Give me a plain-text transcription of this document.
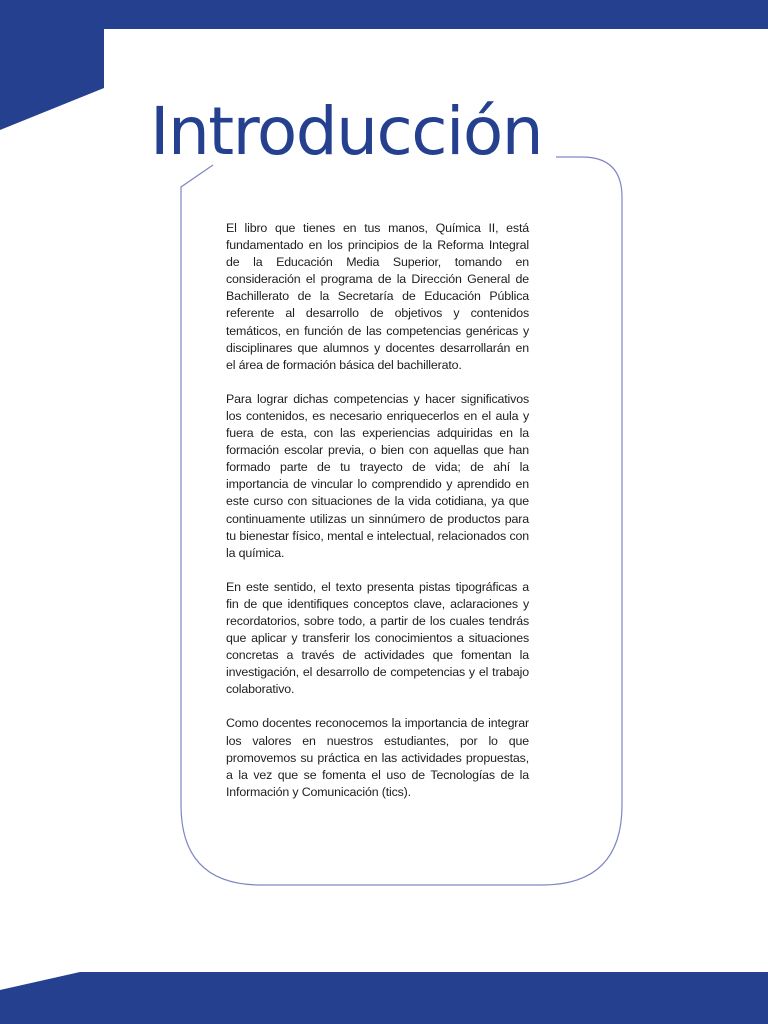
Introducción

El libro que tienes en tus manos, Química II, está fundamentado en los principios de la Reforma Integral de la Educación Media Superior, tomando en consideración el programa de la Dirección General de Bachillerato de la Secretaría de Educación Pública referente al desarrollo de objetivos y contenidos temáticos, en función de las competencias genéricas y disciplinares que alumnos y docentes desarrollarán en el área de formación básica del bachillerato.

Para lograr dichas competencias y hacer significativos los contenidos, es necesario enriquecerlos en el aula y fuera de esta, con las experiencias adquiridas en la formación escolar previa, o bien con aquellas que han formado parte de tu trayecto de vida; de ahí la importancia de vincular lo comprendido y aprendido en este curso con situaciones de la vida cotidiana, ya que continuamente utilizas un sinnúmero de productos para tu bienestar físico, mental e intelectual, relacionados con la química.

En este sentido, el texto presenta pistas tipográficas a fin de que identifiques conceptos clave, aclaraciones y recordatorios, sobre todo, a partir de los cuales tendrás que aplicar y transferir los conocimientos a situaciones concretas a través de actividades que fomentan la investigación, el desarrollo de competencias y el trabajo colaborativo.

Como docentes reconocemos la importancia de integrar los valores en nuestros estudiantes, por lo que promovemos su práctica en las actividades propuestas, a la vez que se fomenta el uso de Tecnologías de la Información y Comunicación (tics).
